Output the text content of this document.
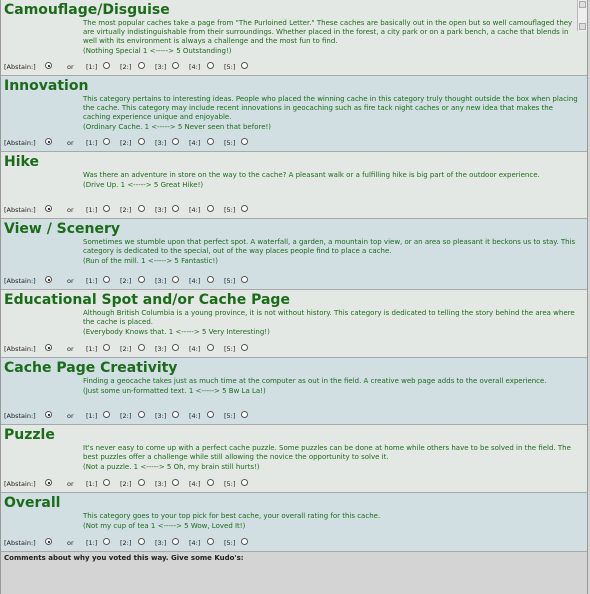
Camouflage/Disguise

The most popular caches take a page from "The Purloined Letter." These caches are basically out in the open but so well camouflaged they are virtually indistinguishable from their surroundings. Whether placed in the forest, a city park or on a park bench, a cache that blends in well with its environment is always a challenge and the most fun to find.

(Nothing Special 1 <-----> 5 Outstanding!)

[Abstain:]	or [1:]	[2:]	[3:]	[4:]	[5:]
Innovation

This category pertains to interesting ideas. People who placed the winning cache in this category truly thought outside the box when placing the cache. This category may include recent innovations in geocaching such as fire tack night caches or any new idea that makes the caching experience unique and enjoyable.

(Ordinary Cache. 1 <-----> 5 Never seen that before!)

[Abstain:]	or [1:]	[2:]	[3:]	[4:]	[5:]
Hike

Was there an adventure in store on the way to the cache? A pleasant walk or a fulfilling hike is big part of the outdoor experience.

(Drive Up. 1 <-----> 5 Great Hike!)

[Abstain:]	or [1:]	[2:]	[3:]	[4:]	[5:]
View / Scenery

Sometimes we stumble upon that perfect spot. A waterfall, a garden, a mountain top view, or an area so pleasant it beckons us to stay. This category is dedicated to the special, out of the way places people find to place a cache.

(Run of the mill. 1 <-----> 5 Fantastic!)

[Abstain:]	or [1:]	[2:]	[3:]	[4:]	[5:]
Educational Spot and/or Cache Page

Although British Columbia is a young province, it is not without history. This category is dedicated to telling the story behind the area where the cache is placed.

(Everybody Knows that. 1 <-----> 5 Very Interesting!)

[Abstain:]	or [1:]	[2:]	[3:]	[4:]	[5:]
Cache Page Creativity

Finding a geocache takes just as much time at the computer as out in the field. A creative web page adds to the overall experience.

(Just some un-formatted text. 1 <-----> 5 Bw La La!)

[Abstain:]	or [1:]	[2:]	[3:]	[4:]	[5:]
Puzzle

It's never easy to come up with a perfect cache puzzle. Some puzzles can be done at home while others have to be solved in the field. The best puzzles offer a challenge while still allowing the novice the opportunity to solve it.

(Not a puzzle. 1 <-----> 5 Oh, my brain still hurts!)

[Abstain:]	or [1:]	[2:]	[3:]	[4:]	[5:]
Overall

This category goes to your top pick for best cache, your overall rating for this cache.

(Not my cup of tea 1 <-----> 5 Wow, Loved It!)

[Abstain:]	or [1:]	[2:]	[3:]	[4:]	[5:]
Comments about why you voted this way. Give some Kudo's:
